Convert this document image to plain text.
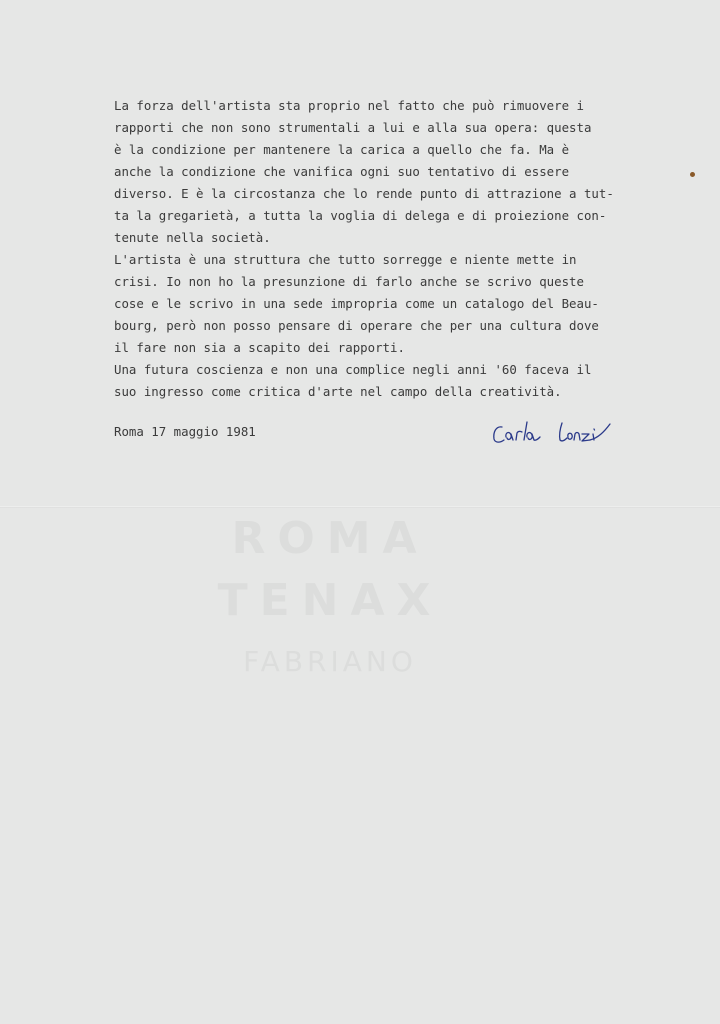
ROMA
TENAX
FABRIANO
La forza dell'artista sta proprio nel fatto che può rimuovere i
rapporti che non sono strumentali a lui e alla sua opera: questa
è la condizione per mantenere la carica a quello che fa. Ma è
anche la condizione che vanifica ogni suo tentativo di essere
diverso. E è la circostanza che lo rende punto di attrazione a tut-
ta la gregarietà, a tutta la voglia di delega e di proiezione con-
tenute nella società.
L'artista è una struttura che tutto sorregge e niente mette in
crisi. Io non ho la presunzione di farlo anche se scrivo queste
cose e le scrivo in una sede impropria come un catalogo del Beau-
bourg, però non posso pensare di operare che per una cultura dove
il fare non sia a scapito dei rapporti.
Una futura coscienza e non una complice negli anni '60 faceva il
suo ingresso come critica d'arte nel campo della creatività.
Roma 17 maggio 1981
